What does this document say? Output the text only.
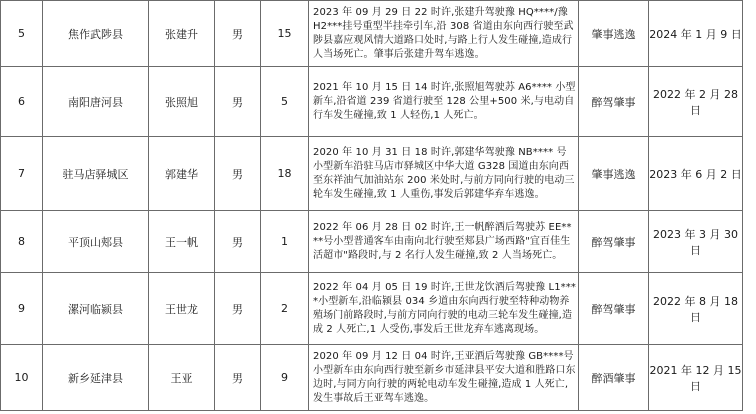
5	焦作武陟县	张建升	男	15	2023 年 09 月 29 日 22 时许,张建升驾驶豫 HQ****/豫 H2***挂号重型半挂牵引车,沿 308 省道由东向西行驶至武陟县嘉应观风情大道路口处时,与路上行人发生碰撞,造成行人当场死亡。肇事后张建升驾车逃逸。	肇事逃逸	2024 年 1 月 9 日
6	南阳唐河县	张照旭	男	5	2021 年 10 月 15 日 14 时许,张照旭驾驶苏 A6**** 小型新车,沿省道 239 省道行驶至 128 公里+500 米,与电动自行车发生碰撞,致 1 人轻伤,1 人死亡。	醉驾肇事	2022 年 2 月 28 日
7	驻马店驿城区	郭建华	男	18	2020 年 10 月 31 日 18 时许,郭建华驾驶豫 NB**** 号小型新车沿驻马店市驿城区中华大道 G328 国道由东向西至东祥油气加油站东 200 米处时,与前方同向行驶的电动三轮车发生碰撞,致 1 人重伤,事发后郭建华弃车逃逸。	肇事逃逸	2023 年 6 月 2 日
8	平顶山郏县	王一帆	男	1	2022 年 06 月 28 日 02 时许,王一帆醉酒后驾驶苏 EE****号小型普通客车由南向北行驶至郏县广场西路"宜百佳生活超市"路段时,与 2 名行人发生碰撞,致 2 人当场死亡。	醉驾肇事	2023 年 3 月 30 日
9	漯河临颍县	王世龙	男	2	2022 年 04 月 05 日 19 时许,王世龙饮酒后驾驶豫 L1****小型新车,沿临颍县 034 乡道由东向西行驶至特种动物养殖场门前路段时,与前方同向行驶的电动三轮车发生碰撞,造成 2 人死亡,1 人受伤,事发后王世龙弃车逃离现场。	醉驾肇事	2022 年 8 月 18 日
10	新乡延津县	王亚	男	9	2020 年 09 月 12 日 04 时许,王亚酒后驾驶豫 GB****号小型新车由东向西行驶至新乡市延津县平安大道和胜路口东边时,与同方向行驶的两轮电动车发生碰撞,造成 1 人死亡,发生事故后王亚驾车逃逸。	醉酒肇事	2021 年 12 月 15 日
